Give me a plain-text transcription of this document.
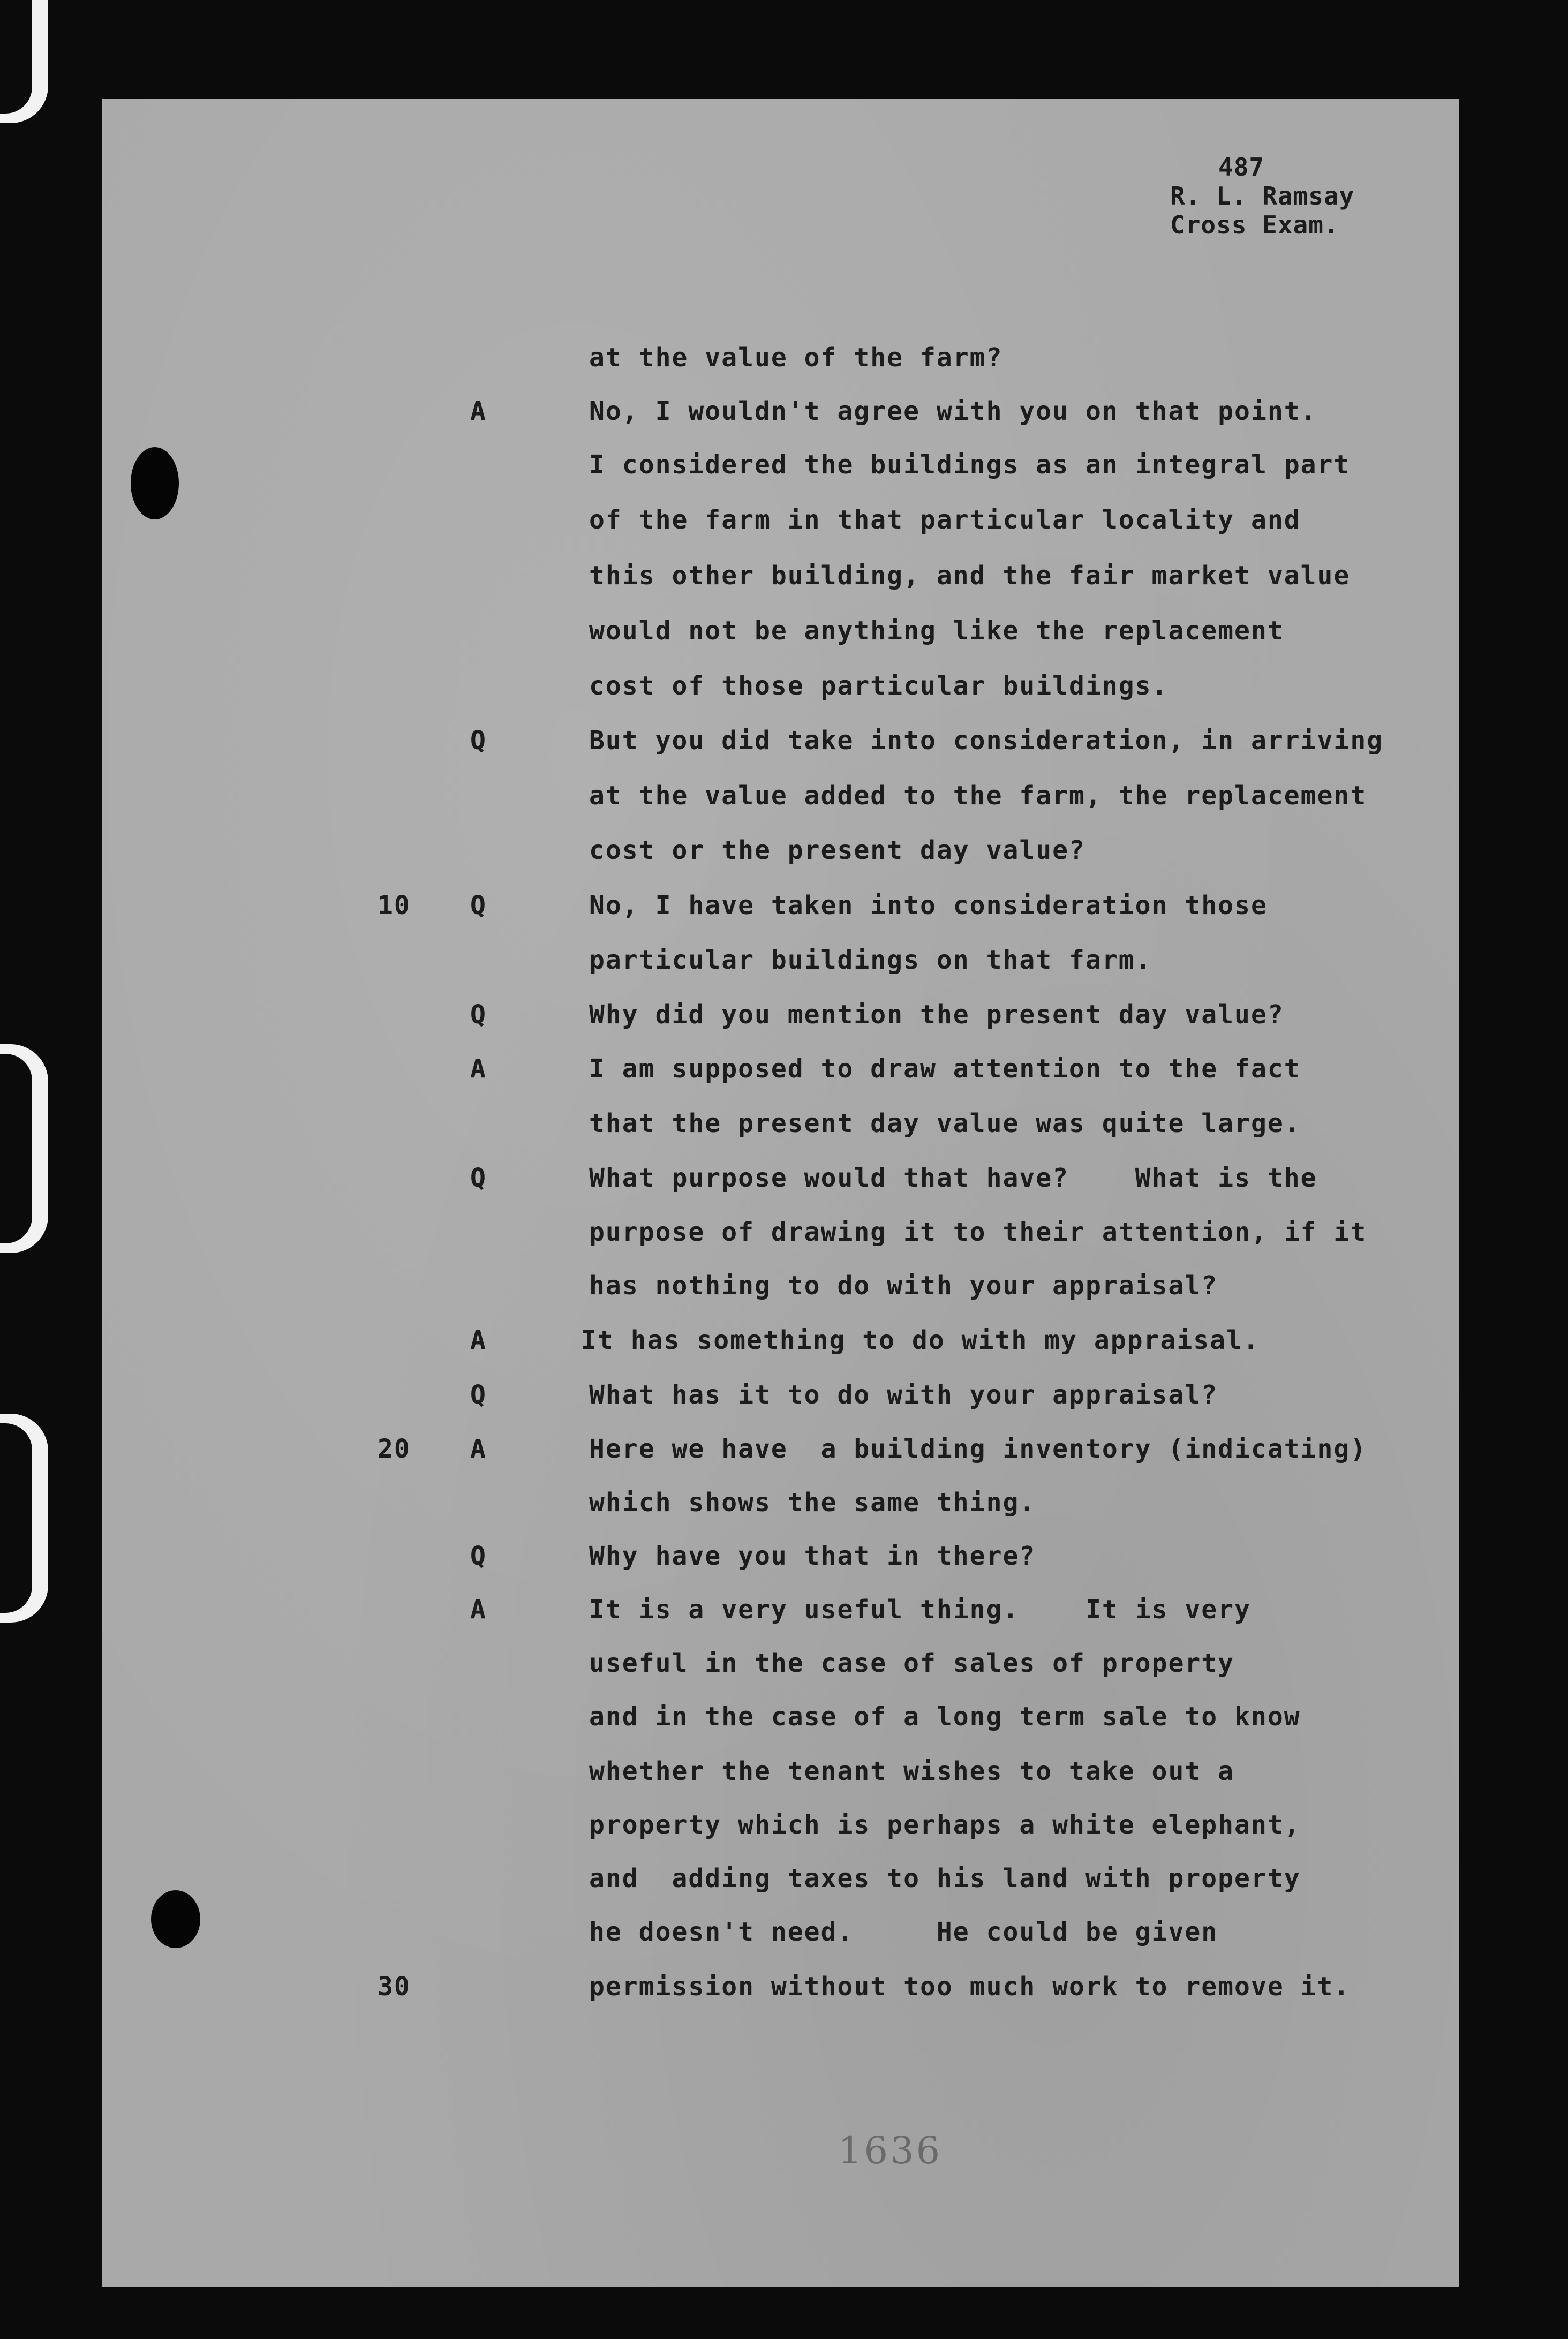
487
R. L. Ramsay
Cross Exam.
at the value of the farm?
A	No, I wouldn't agree with you on that point.
I considered the buildings as an integral part
of the farm in that particular locality and
this other building, and the fair market value
would not be anything like the replacement
cost of those particular buildings.
Q	But you did take into consideration, in arriving
at the value added to the farm, the replacement
cost or the present day value?
10 Q	No, I have taken into consideration those
particular buildings on that farm.
Q	Why did you mention the present day value?
A	I am supposed to draw attention to the fact
that the present day value was quite large.
Q	What purpose would that have?    What is the
purpose of drawing it to their attention, if it
has nothing to do with your appraisal?
A	It has something to do with my appraisal.
Q	What has it to do with your appraisal?
20 A	Here we have  a building inventory (indicating)
which shows the same thing.
Q	Why have you that in there?
A	It is a very useful thing.    It is very
useful in the case of sales of property
and in the case of a long term sale to know
whether the tenant wishes to take out a
property which is perhaps a white elephant,
and  adding taxes to his land with property
he doesn't need.     He could be given
30	permission without too much work to remove it.
1636
